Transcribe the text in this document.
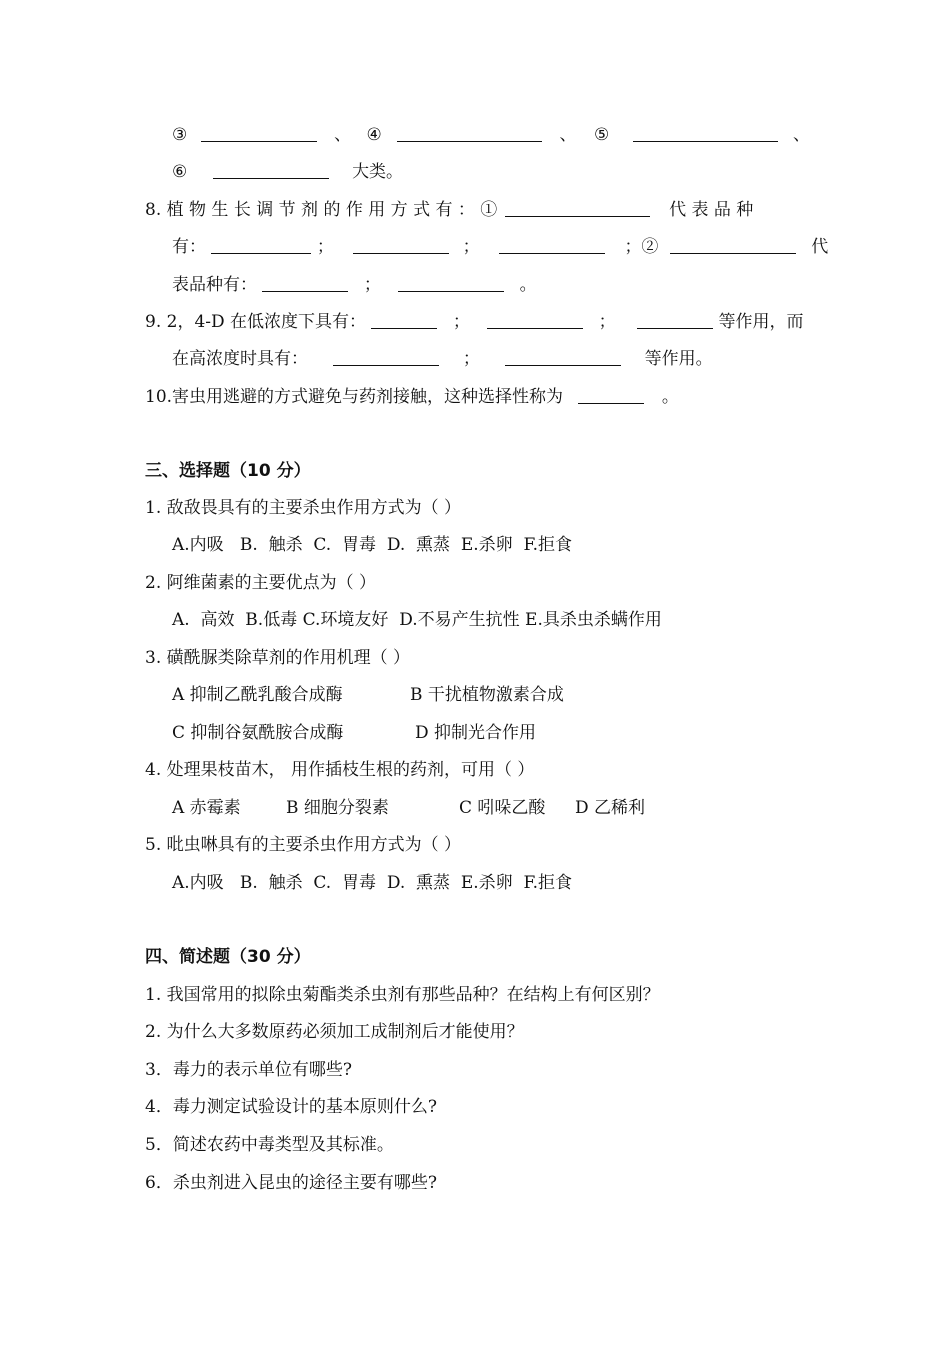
③	、 ④	、 ⑤	、
⑥	大类。
8. 植 物 生 长 调 节 剂 的 作 用 方 式 有 ： ①	代 表 品 种
有：	；	；	；②	代
表品种有：	；	。
9. 2，4-D 在低浓度下具有：	；	；	等作用，而
在高浓度时具有：	；	等作用。
10.害虫用逃避的方式避免与药剂接触，这种选择性称为	。
三、选择题（10 分）
1. 敌敌畏具有的主要杀虫作用方式为（ ）
A.内吸   B.  触杀  C.  胃毒  D.  熏蒸  E.杀卵  F.拒食
2. 阿维菌素的主要优点为（ ）
A.  高效  B.低毒 C.环境友好  D.不易产生抗性 E.具杀虫杀螨作用
3. 磺酰脲类除草剂的作用机理（ ）
A 抑制乙酰乳酸合成酶	B 干扰植物激素合成
C 抑制谷氨酰胺合成酶	D 抑制光合作用
4. 处理果枝苗木， 用作插枝生根的药剂，可用（ ）
A 赤霉素	B 细胞分裂素	C 吲哚乙酸 D 乙稀利
5. 吡虫啉具有的主要杀虫作用方式为（ ）
A.内吸   B.  触杀  C.  胃毒  D.  熏蒸  E.杀卵  F.拒食
四、简述题（30 分）
1. 我国常用的拟除虫菊酯类杀虫剂有那些品种？在结构上有何区别？
2. 为什么大多数原药必须加工成制剂后才能使用？
3．毒力的表示单位有哪些?
4．毒力测定试验设计的基本原则什么?
5．简述农药中毒类型及其标准。
6．杀虫剂进入昆虫的途径主要有哪些?
